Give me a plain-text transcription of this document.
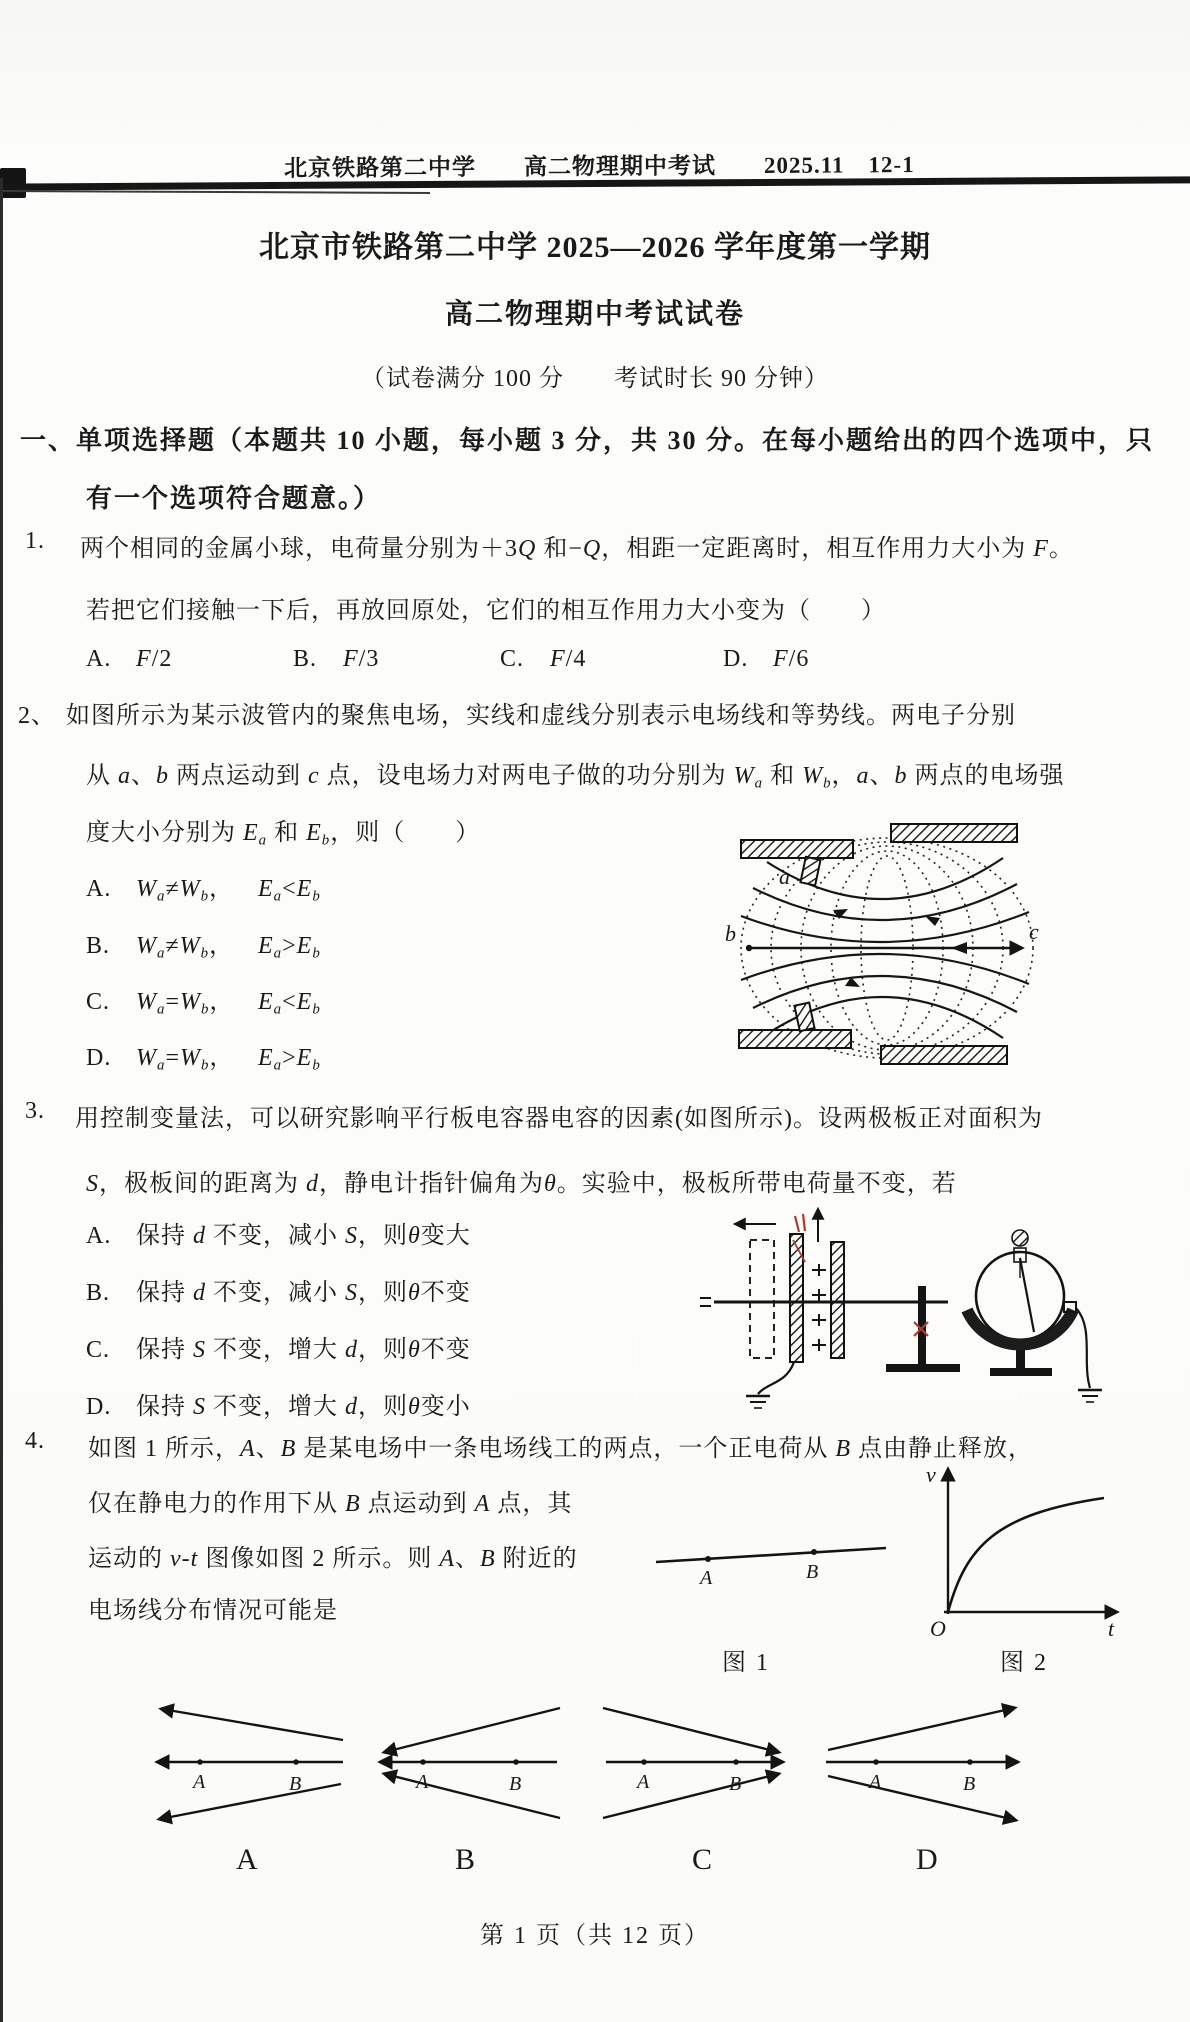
北京铁路第二中学　　高二物理期中考试　　2025.11　12-1
北京市铁路第二中学 2025—2026 学年度第一学期
高二物理期中考试试卷
（试卷满分 100 分　　考试时长 90 分钟）
一、单项选择题（本题共 10 小题，每小题 3 分，共 30 分。在每小题给出的四个选项中，只
有一个选项符合题意。）
1. 两个相同的金属小球，电荷量分别为＋3Q 和−Q，相距一定距离时，相互作用力大小为 F。
若把它们接触一下后，再放回原处，它们的相互作用力大小变为（　　）
A. F/2	B. F/3	C. F/4	D. F/6
2、 如图所示为某示波管内的聚焦电场，实线和虚线分别表示电场线和等势线。两电子分别
从 a、b 两点运动到 c 点，设电场力对两电子做的功分别为 Wa 和 Wb，a、b 两点的电场强
度大小分别为 Ea 和 Eb，则（　　）
A. Wa≠Wb， Ea<Eb
B. Wa≠Wb， Ea>Eb
C. Wa=Wb， Ea<Eb
D. Wa=Wb， Ea>Eb
a
b	c
3. 用控制变量法，可以研究影响平行板电容器电容的因素(如图所示)。设两极板正对面积为
S，极板间的距离为 d，静电计指针偏角为θ。实验中，极板所带电荷量不变，若
A. 保持 d 不变，减小 S，则θ变大
B. 保持 d 不变，减小 S，则θ不变
C. 保持 S 不变，增大 d，则θ不变
D. 保持 S 不变，增大 d，则θ变小
4. 如图 1 所示，A、B 是某电场中一条电场线工的两点，一个正电荷从 B 点由静止释放，
仅在静电力的作用下从 B 点运动到 A 点，其
运动的 v-t 图像如图 2 所示。则 A、B 附近的
电场线分布情况可能是
A	B
v
O	t
图 1	图 2
A	B	A	B	A	B	A	B
A	B	C	D
第 1 页（共 12 页）
